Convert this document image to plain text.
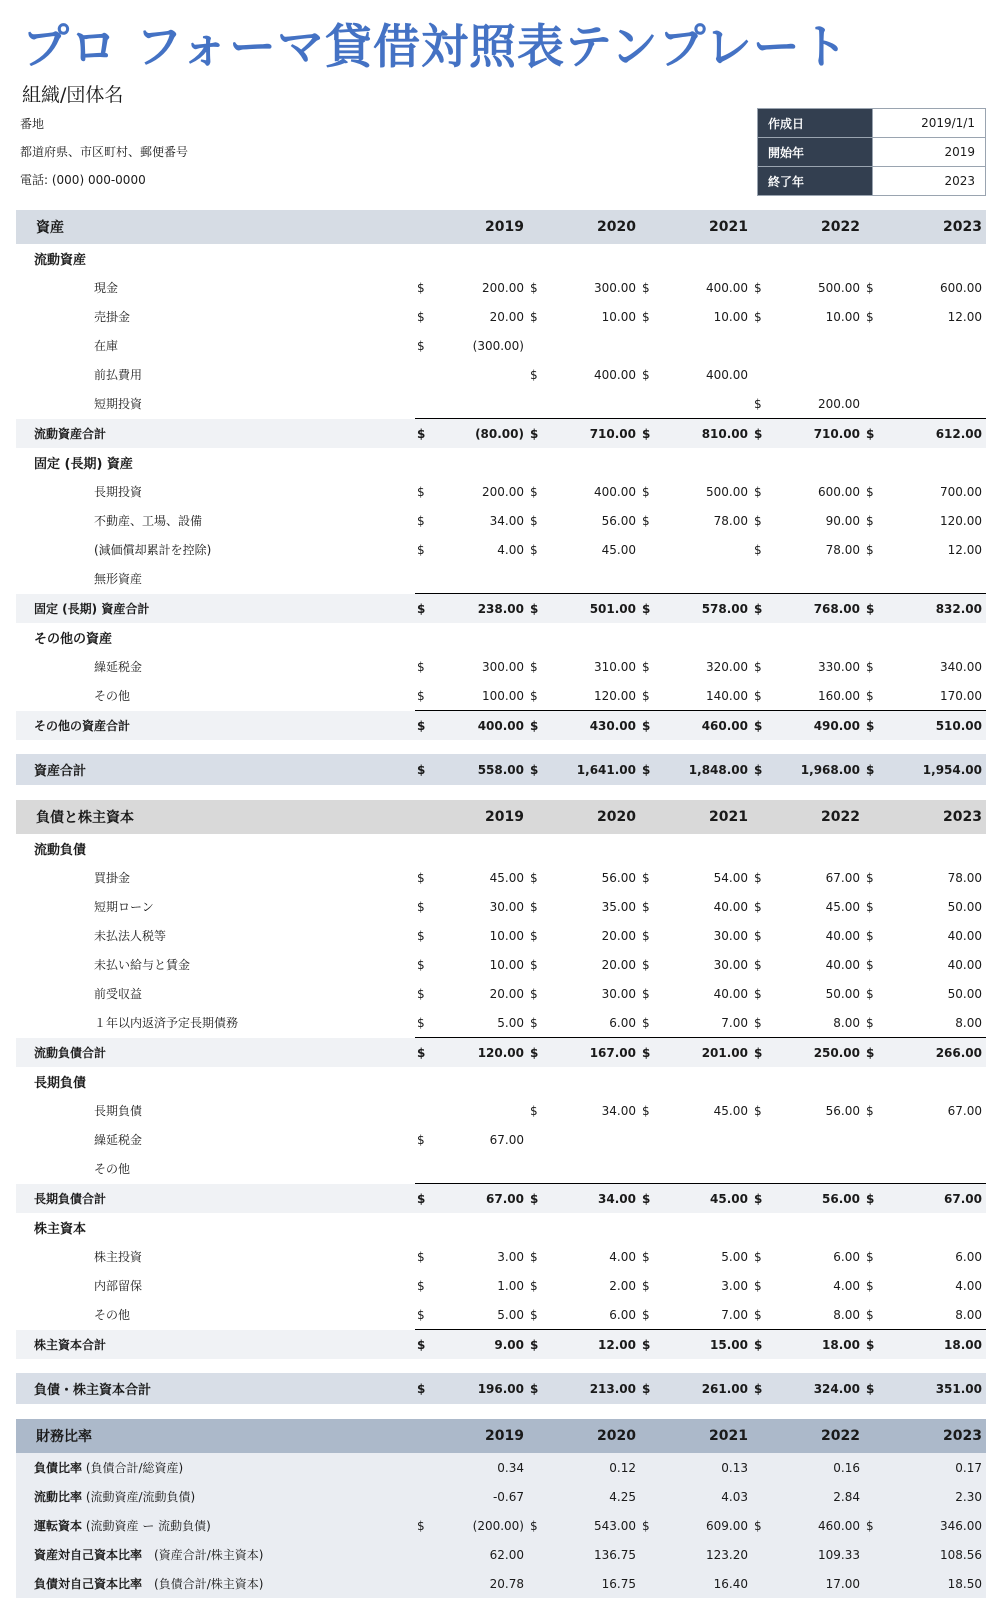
プロ フォーマ貸借対照表テンプレート
組織/団体名
番地
都道府県、市区町村、郵便番号
電話: (000) 000-0000
作成日	2019/1/1
開始年	2019
終了年	2023
資産	2019		2020		2021		2022		2023	
流動資産										
現金	$	200.00	$	300.00	$	400.00	$	500.00	$	600.00
売掛金	$	20.00	$	10.00	$	10.00	$	10.00	$	12.00
在庫	$	(300.00)								
前払費用			$	400.00	$	400.00				
短期投資							$	200.00		
流動資産合計	$	(80.00)	$	710.00	$	810.00	$	710.00	$	612.00
固定 (長期) 資産										
長期投資	$	200.00	$	400.00	$	500.00	$	600.00	$	700.00
不動産、工場、設備	$	34.00	$	56.00	$	78.00	$	90.00	$	120.00
(減価償却累計を控除)	$	4.00	$	45.00			$	78.00	$	12.00
無形資産										
固定 (長期) 資産合計	$	238.00	$	501.00	$	578.00	$	768.00	$	832.00
その他の資産										
繰延税金	$	300.00	$	310.00	$	320.00	$	330.00	$	340.00
その他	$	100.00	$	120.00	$	140.00	$	160.00	$	170.00
その他の資産合計	$	400.00	$	430.00	$	460.00	$	490.00	$	510.00

資産合計	$	558.00	$	1,641.00	$	1,848.00	$	1,968.00	$	1,954.00

負債と株主資本	2019		2020		2021		2022		2023	
流動負債										
買掛金	$	45.00	$	56.00	$	54.00	$	67.00	$	78.00
短期ローン	$	30.00	$	35.00	$	40.00	$	45.00	$	50.00
未払法人税等	$	10.00	$	20.00	$	30.00	$	40.00	$	40.00
未払い給与と賃金	$	10.00	$	20.00	$	30.00	$	40.00	$	40.00
前受収益	$	20.00	$	30.00	$	40.00	$	50.00	$	50.00
１年以内返済予定長期債務	$	5.00	$	6.00	$	7.00	$	8.00	$	8.00
流動負債合計	$	120.00	$	167.00	$	201.00	$	250.00	$	266.00
長期負債										
長期負債			$	34.00	$	45.00	$	56.00	$	67.00
繰延税金	$	67.00								
その他										
長期負債合計	$	67.00	$	34.00	$	45.00	$	56.00	$	67.00
株主資本										
株主投資	$	3.00	$	4.00	$	5.00	$	6.00	$	6.00
内部留保	$	1.00	$	2.00	$	3.00	$	4.00	$	4.00
その他	$	5.00	$	6.00	$	7.00	$	8.00	$	8.00
株主資本合計	$	9.00	$	12.00	$	15.00	$	18.00	$	18.00

負債・株主資本合計	$	196.00	$	213.00	$	261.00	$	324.00	$	351.00

財務比率	2019		2020		2021		2022		2023	
負債比率 (負債合計/総資産)		0.34		0.12		0.13		0.16		0.17
流動比率 (流動資産/流動負債)		-0.67		4.25		4.03		2.84		2.30
運転資本 (流動資産 ー 流動負債)	$	(200.00)	$	543.00	$	609.00	$	460.00	$	346.00
資産対自己資本比率　(資産合計/株主資本)		62.00		136.75		123.20		109.33		108.56
負債対自己資本比率　(負債合計/株主資本)		20.78		16.75		16.40		17.00		18.50
